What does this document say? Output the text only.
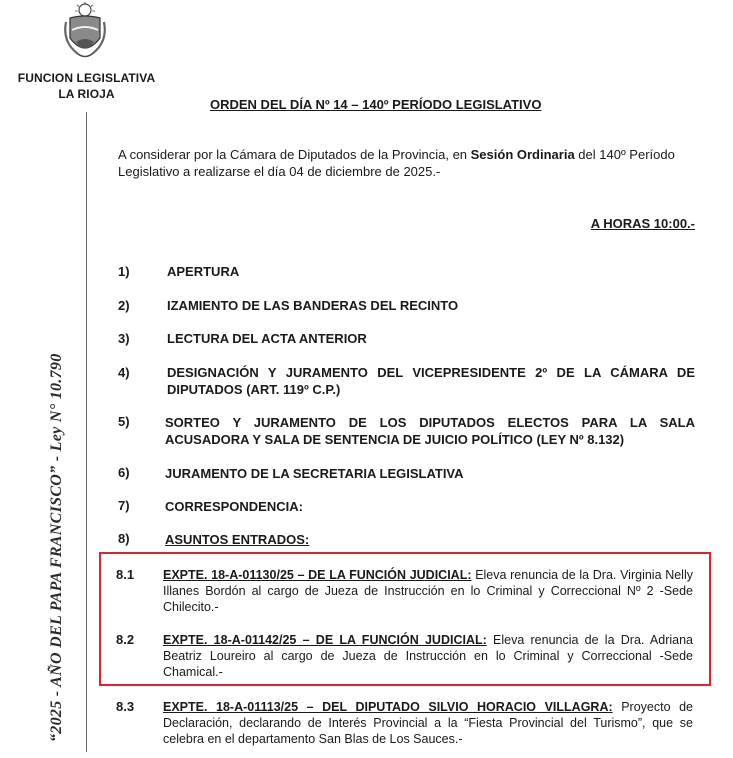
FUNCION LEGISLATIVA
LA RIOJA
“2025 - AÑO DEL PAPA FRANCISCO” - Ley N° 10.790
ORDEN DEL DÍA Nº 14 – 140º PERÍODO LEGISLATIVO
A considerar por la Cámara de Diputados de la Provincia, en Sesión Ordinaria del 140º Período Legislativo a realizarse el día 04 de diciembre de 2025.-
A HORAS 10:00.-
1)	APERTURA
2)	IZAMIENTO DE LAS BANDERAS DEL RECINTO
3)	LECTURA DEL ACTA ANTERIOR
4)	DESIGNACIÓN Y JURAMENTO DEL VICEPRESIDENTE 2º DE LA CÁMARA DE DIPUTADOS (ART. 119º C.P.)
5)	SORTEO Y JURAMENTO DE LOS DIPUTADOS ELECTOS PARA LA SALA ACUSADORA Y SALA DE SENTENCIA DE JUICIO POLÍTICO (LEY Nº 8.132)
6)	JURAMENTO DE LA SECRETARIA LEGISLATIVA
7)	CORRESPONDENCIA:
8)	ASUNTOS ENTRADOS:
8.1 EXPTE. 18-A-01130/25 – DE LA FUNCIÓN JUDICIAL: Eleva renuncia de la Dra. Virginia Nelly Illanes Bordón al cargo de Jueza de Instrucción en lo Criminal y Correccional Nº 2 -Sede Chilecito.-
8.2 EXPTE. 18-A-01142/25 – DE LA FUNCIÓN JUDICIAL: Eleva renuncia de la Dra. Adriana Beatriz Loureiro al cargo de Jueza de Instrucción en lo Criminal y Correccional -Sede Chamical.-
8.3 EXPTE. 18-A-01113/25 – DEL DIPUTADO SILVIO HORACIO VILLAGRA: Proyecto de Declaración, declarando de Interés Provincial a la “Fiesta Provincial del Turismo”, que se celebra en el departamento San Blas de Los Sauces.-
